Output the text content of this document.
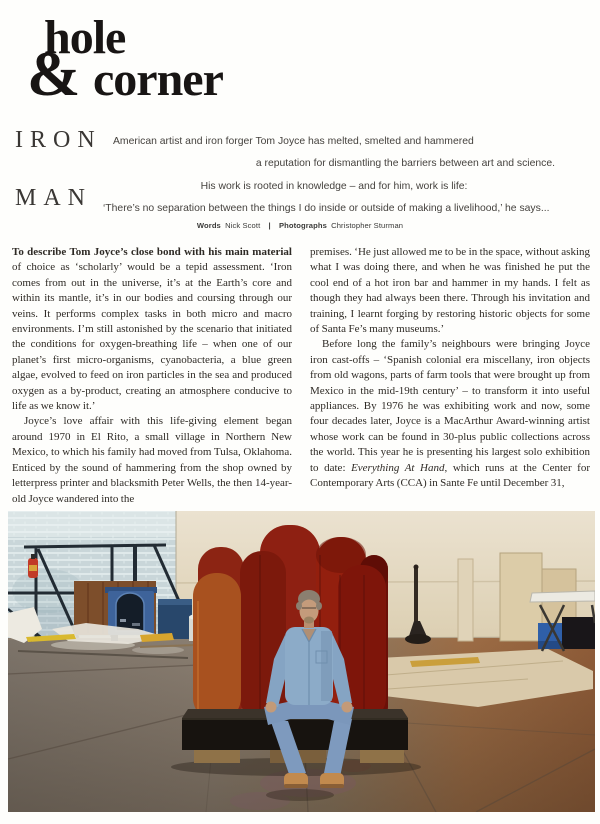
hole
& corner
IRON
MAN
American artist and iron forger Tom Joyce has melted, smelted and hammered
a reputation for dismantling the barriers between art and science.
His work is rooted in knowledge – and for him, work is life:
‘There’s no separation between the things I do inside or outside of making a livelihood,’ he says...
Words Nick Scott | Photographs Christopher Sturman

To describe Tom Joyce’s close bond with his main material of choice as ‘scholarly’ would be a tepid assessment. ‘Iron comes from out in the universe, it’s at the Earth’s core and within its mantle, it’s in our bodies and coursing through our veins. It performs complex tasks in both micro and macro environments. I’m still astonished by the scenario that initiated the conditions for oxygen-breathing life – when one of our planet’s first micro-organisms, cyanobacteria, a blue green algae, evolved to feed on iron particles in the sea and produced oxygen as a by-product, creating an atmosphere conducive to life as we know it.’

Joyce’s love affair with this life-giving element began around 1970 in El Rito, a small village in Northern New Mexico, to which his family had moved from Tulsa, Oklahoma. Enticed by the sound of hammering from the shop owned by letterpress printer and blacksmith Peter Wells, the then 14-year-old Joyce wandered into the

premises. ‘He just allowed me to be in the space, without asking what I was doing there, and when he was finished he put the cool end of a hot iron bar and hammer in my hands. I felt as though they had always been there. Through his invitation and training, I learnt forging by restoring historic objects for some of Santa Fe’s many museums.’

Before long the family’s neighbours were bringing Joyce iron cast-offs – ‘Spanish colonial era miscellany, iron objects from old wagons, parts of farm tools that were brought up from Mexico in the mid-19th century’ – to transform it into useful appliances. By 1976 he was exhibiting work and now, some four decades later, Joyce is a MacArthur Award-winning artist whose work can be found in 30-plus public collections across the world. This year he is presenting his largest solo exhibition to date: Everything At Hand, which runs at the Center for Contemporary Arts (CCA) in Sante Fe until December 31,
